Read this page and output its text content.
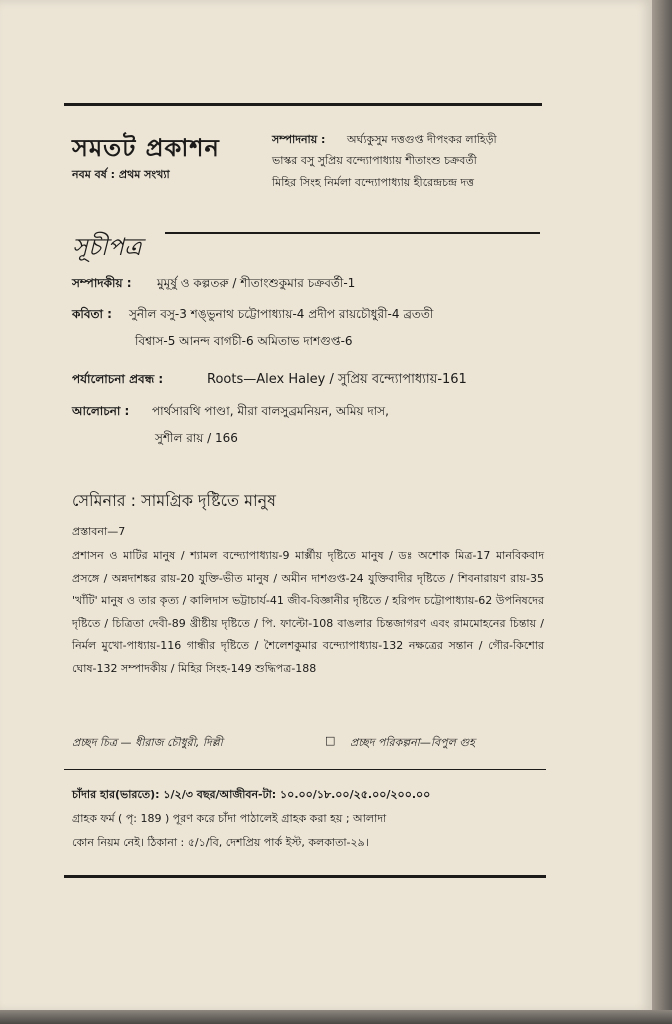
সমতট প্রকাশন
নবম বর্ষ : প্রথম সংখ্যা
সম্পাদনায় : অর্ঘ্যকুসুম দত্তগুপ্ত দীপংকর লাহিড়ী
ভাস্কর বসু সুপ্রিয় বন্দ্যোপাধ্যায় শীতাংশু চক্রবর্তী
মিহির সিংহ নির্মলা বন্দ্যোপাধ্যায় হীরেন্দ্রচন্দ্র দত্ত
সূচীপত্র
সম্পাদকীয় : মুমূর্ষু ও কল্পতরু / শীতাংশুকুমার চক্রবর্তী-1
কবিতা : সুনীল বসু-3 শঙ্ভুনাথ চট্টোপাধ্যায়-4 প্রদীপ রায়চৌধুরী-4 ব্রততী
বিশ্বাস-5 আনন্দ বাগচী-6 অমিতাভ দাশগুপ্ত-6
পর্যালোচনা প্রবন্ধ :	Roots—Alex Haley / সুপ্রিয় বন্দ্যোপাধ্যায়-161
আলোচনা : পার্থসারথি পাণ্ডা, মীরা বালসুব্রমনিয়ন, অমিয় দাস,
সুশীল রায় / 166
সেমিনার : সামগ্রিক দৃষ্টিতে মানুষ
প্রস্তাবনা—7
প্রশাসন ও মাটির মানুষ / শ্যামল বন্দ্যোপাধ্যায়-9 মার্ক্সীয় দৃষ্টিতে মানুষ / ডঃ অশোক মিত্র-17 মানবিকবাদ প্রসঙ্গে / অন্নদাশঙ্কর রায়-20 যুক্তি-ভীত মানুষ / অমীন দাশগুপ্ত-24 যুক্তিবাদীর দৃষ্টিতে / শিবনারায়ণ রায়-35 'খাঁটি' মানুষ ও তার কৃত্য / কালিদাস ভট্টাচার্য-41 জীব-বিজ্ঞানীর দৃষ্টিতে / হরিপদ চট্টোপাধ্যায়-62 উপনিষদের দৃষ্টিতে / চিত্রিতা দেবী-89 খ্রীষ্টীয় দৃষ্টিতে / পি. ফাল্টো-108 বাঙলার চিন্তজাগরণ এবং রামমোহনের চিন্তায় / নির্মল মুখো-পাধ্যায়-116 গান্ধীর দৃষ্টিতে / শৈলেশকুমার বন্দ্যোপাধ্যায়-132 নক্ষত্রের সন্তান / গৌর-কিশোর ঘোষ-132 সম্পাদকীয় / মিহির সিংহ-149 শুদ্ধিপত্র-188
প্রচ্ছদ চিত্র — ধীরাজ চৌধুরী, দিল্লী	□ প্রচ্ছদ পরিকল্পনা—বিপুল গুহ
চাঁদার হার(ভারতে): ১/২/৩ বছর/আজীবন-টা: ১০.০০/১৮.০০/২৫.০০/২০০.০০
গ্রাহক ফর্ম ( পৃ: 189 ) পূরণ করে চাঁদা পাঠালেই গ্রাহক করা হয় ; আলাদা
কোন নিয়ম নেই। ঠিকানা : ৫/১/বি, দেশপ্রিয় পার্ক ইস্ট, কলকাতা-২৯।
